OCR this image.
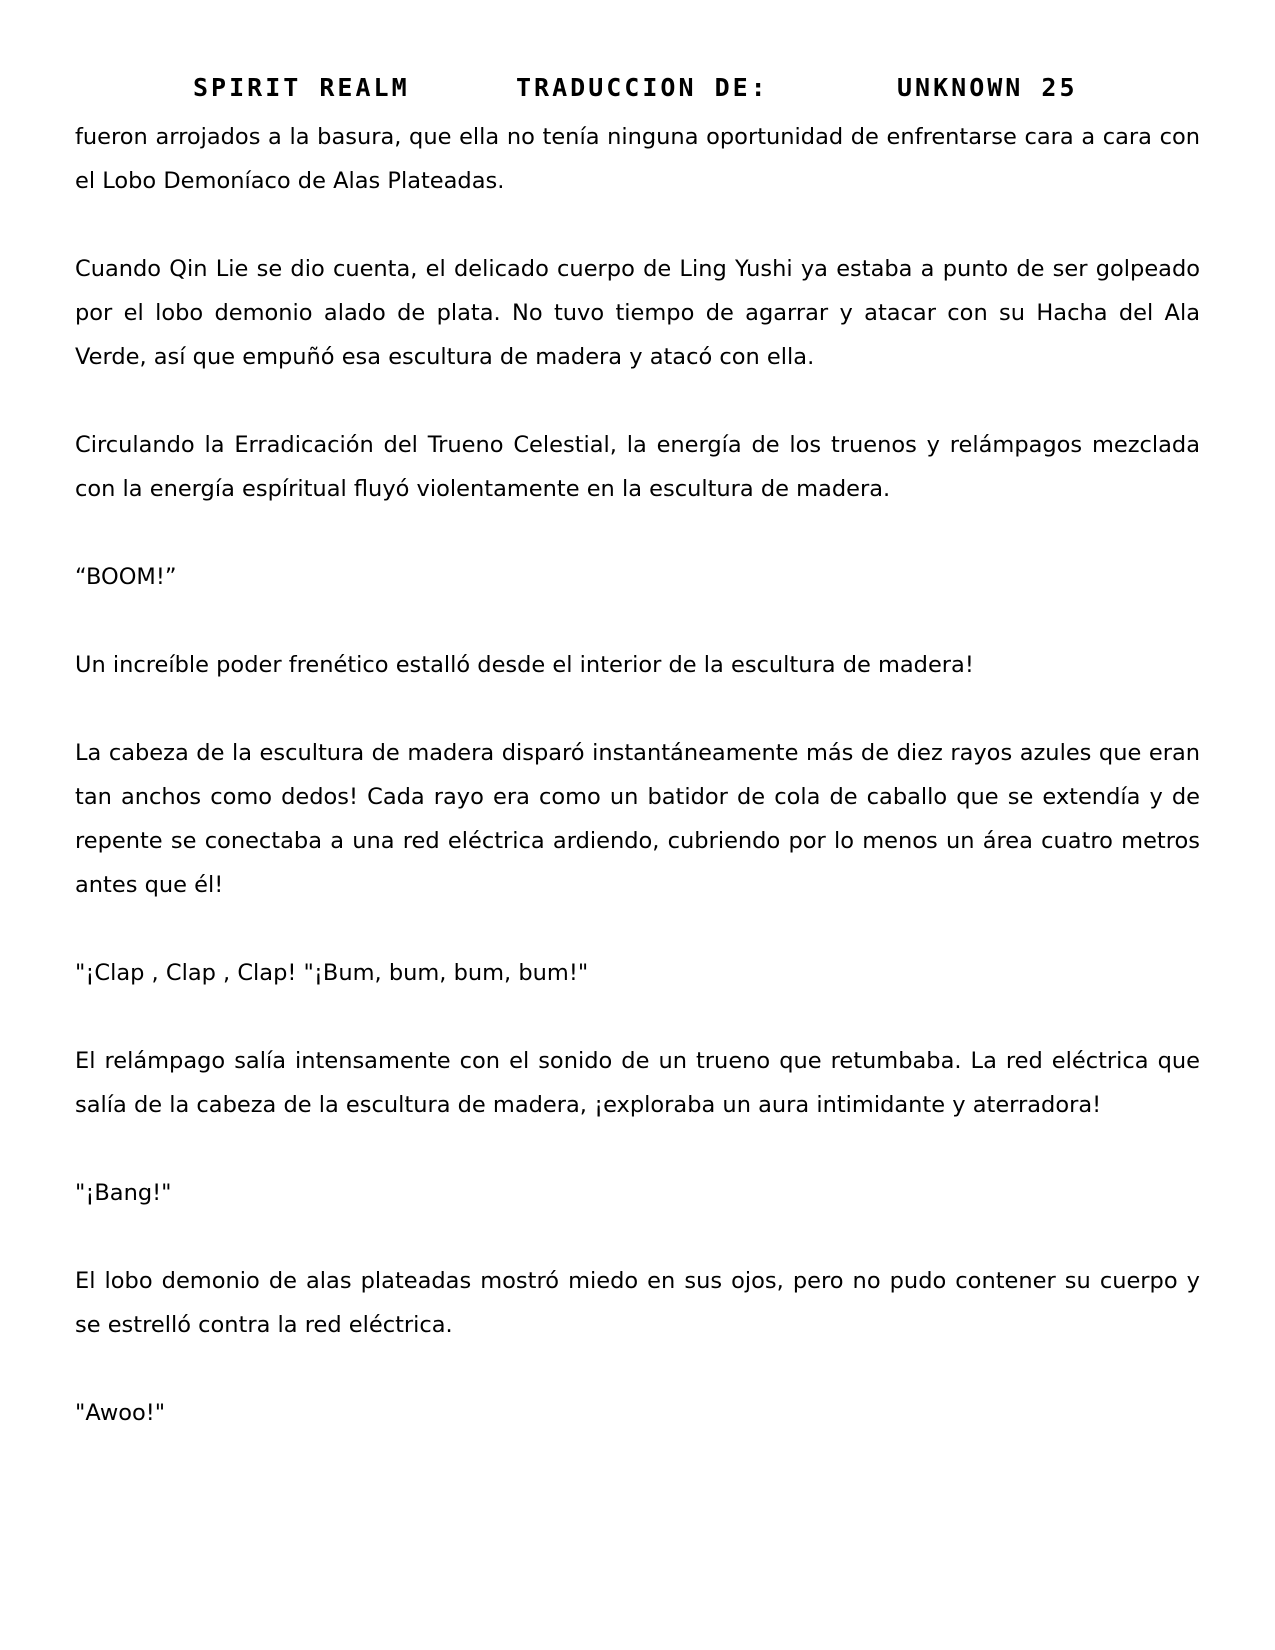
SPIRIT REALM	TRADUCCION DE:	UNKNOWN 25

fueron arrojados a la basura, que ella no tenía ninguna oportunidad de enfrentarse cara a cara con el Lobo Demoníaco de Alas Plateadas.

Cuando Qin Lie se dio cuenta, el delicado cuerpo de Ling Yushi ya estaba a punto de ser golpeado por el lobo demonio alado de plata. No tuvo tiempo de agarrar y atacar con su Hacha del Ala Verde, así que empuñó esa escultura de madera y atacó con ella.

Circulando la Erradicación del Trueno Celestial, la energía de los truenos y relámpagos mezclada con la energía espíritual fluyó violentamente en la escultura de madera.

“BOOM!”

Un increíble poder frenético estalló desde el interior de la escultura de madera!

La cabeza de la escultura de madera disparó instantáneamente más de diez rayos azules que eran tan anchos como dedos! Cada rayo era como un batidor de cola de caballo que se extendía y de repente se conectaba a una red eléctrica ardiendo, cubriendo por lo menos un área cuatro metros antes que él!

"¡Clap , Clap , Clap! "¡Bum, bum, bum, bum!"

El relámpago salía intensamente con el sonido de un trueno que retumbaba. La red eléctrica que salía de la cabeza de la escultura de madera, ¡exploraba un aura intimidante y aterradora!

"¡Bang!"

El lobo demonio de alas plateadas mostró miedo en sus ojos, pero no pudo contener su cuerpo y se estrelló contra la red eléctrica.

"Awoo!"
